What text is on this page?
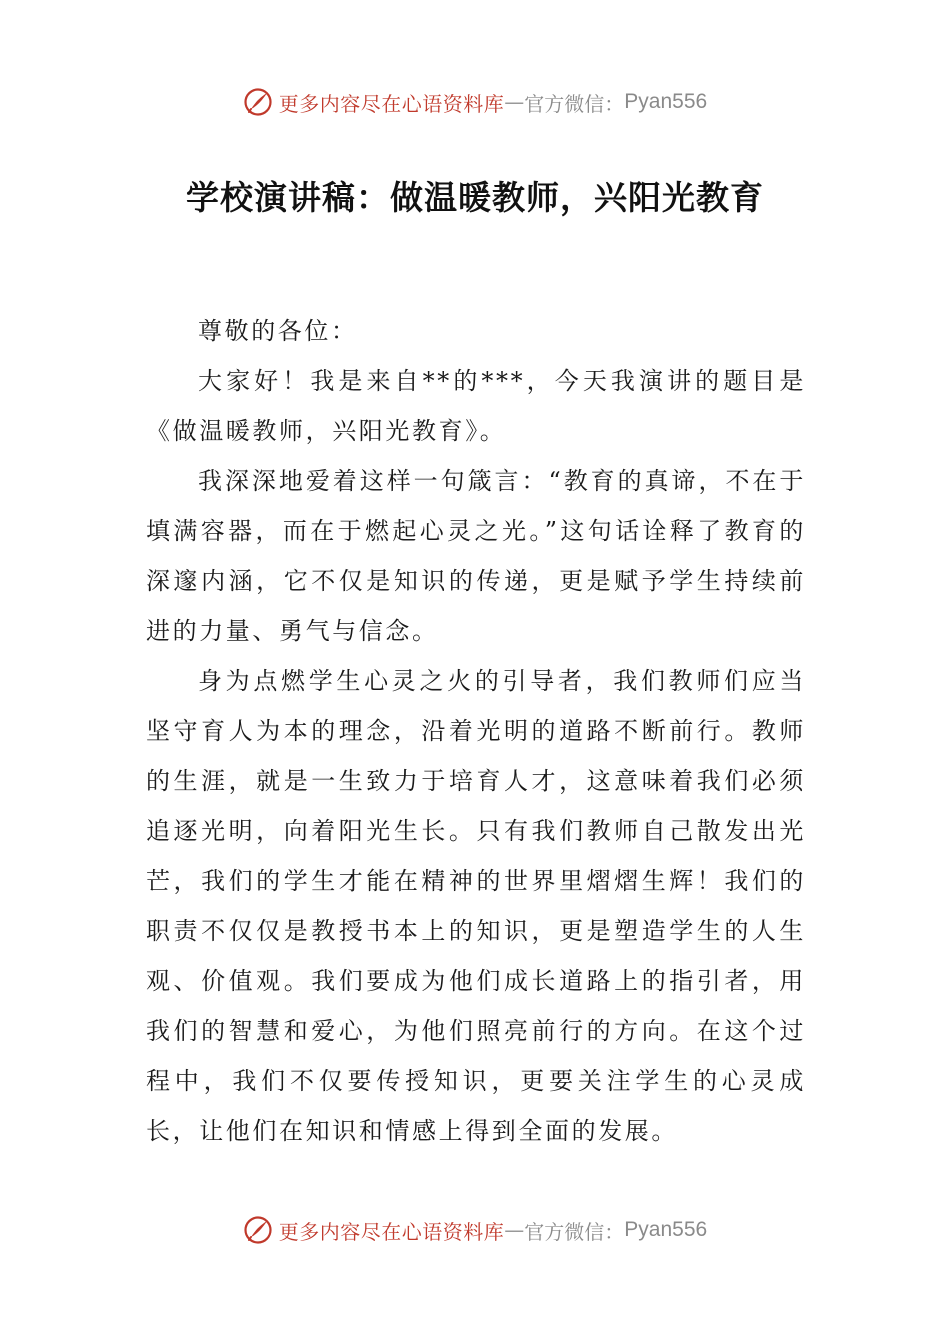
更多内容尽在心语资料库 — 官方微信： Pyan556
学校演讲稿：做温暖教师，兴阳光教育

尊敬的各位：

大家好！我是来自**的***，今天我演讲的题目是《做温暖教师，兴阳光教育》。

我深深地爱着这样一句箴言：“教育的真谛，不在于填满容器，而在于燃起心灵之光。”这句话诠释了教育的深邃内涵，它不仅是知识的传递，更是赋予学生持续前进的力量、勇气与信念。

身为点燃学生心灵之火的引导者，我们教师们应当坚守育人为本的理念，沿着光明的道路不断前行。教师的生涯，就是一生致力于培育人才，这意味着我们必须追逐光明，向着阳光生长。只有我们教师自己散发出光芒，我们的学生才能在精神的世界里熠熠生辉！我们的职责不仅仅是教授书本上的知识，更是塑造学生的人生观、价值观。我们要成为他们成长道路上的指引者，用我们的智慧和爱心，为他们照亮前行的方向。在这个过程中，我们不仅要传授知识，更要关注学生的心灵成长，让他们在知识和情感上得到全面的发展。

更多内容尽在心语资料库 — 官方微信： Pyan556
